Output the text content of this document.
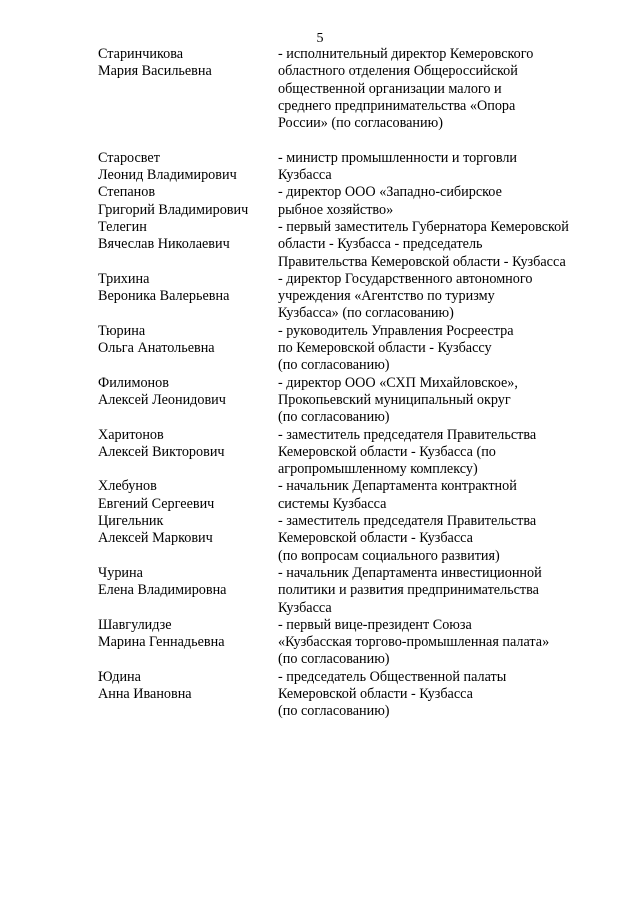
5
Старинчикова
Мария Васильевна
- исполнительный директор Кемеровского
областного отделения Общероссийской
общественной организации малого и
среднего предпринимательства «Опора
России» (по согласованию)
Старосвет
Леонид Владимирович
- министр промышленности и торговли
Кузбасса
Степанов
Григорий Владимирович
- директор ООО «Западно-сибирское
рыбное хозяйство»
Телегин
Вячеслав Николаевич
- первый заместитель Губернатора Кемеровской
области - Кузбасса - председатель
Правительства Кемеровской области - Кузбасса
Трихина
Вероника Валерьевна
- директор Государственного автономного
учреждения «Агентство по туризму
Кузбасса» (по согласованию)
Тюрина
Ольга Анатольевна
- руководитель Управления Росреестра
по Кемеровской области - Кузбассу
(по согласованию)
Филимонов
Алексей Леонидович
- директор ООО «СХП Михайловское»,
Прокопьевский муниципальный округ
(по согласованию)
Харитонов
Алексей Викторович
- заместитель председателя Правительства
Кемеровской области - Кузбасса (по
агропромышленному комплексу)
Хлебунов
Евгений Сергеевич
- начальник Департамента контрактной
системы Кузбасса
Цигельник
Алексей Маркович
- заместитель председателя Правительства
Кемеровской области - Кузбасса
(по вопросам социального развития)
Чурина
Елена Владимировна
- начальник Департамента инвестиционной
политики и развития предпринимательства
Кузбасса
Шавгулидзе
Марина Геннадьевна
- первый вице-президент Союза
«Кузбасская торгово-промышленная палата»
(по согласованию)
Юдина
Анна Ивановна
- председатель Общественной палаты
Кемеровской области - Кузбасса
(по согласованию)
